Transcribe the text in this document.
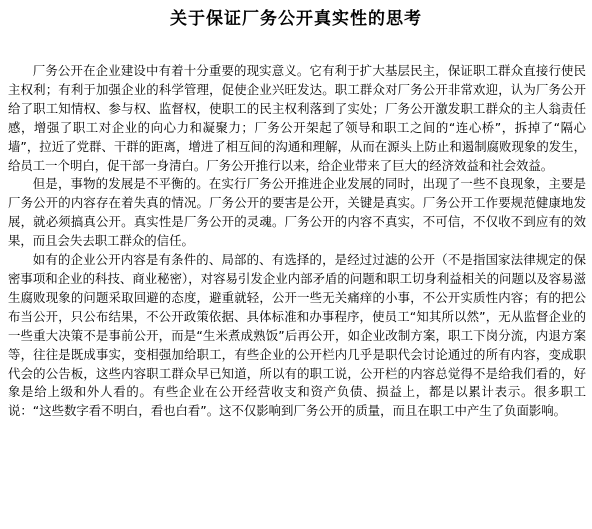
关于保证厂务公开真实性的思考

厂务公开在企业建设中有着十分重要的现实意义。它有利于扩大基层民主，保证职工群众直接行使民主权利；有利于加强企业的科学管理，促使企业兴旺发达。职工群众对厂务公开非常欢迎，认为厂务公开给了职工知情权、参与权、监督权，使职工的民主权利落到了实处；厂务公开激发职工群众的主人翁责任感，增强了职工对企业的向心力和凝聚力；厂务公开架起了领导和职工之间的“连心桥”，拆掉了“隔心墙”，拉近了党群、干群的距离，增进了相互间的沟通和理解，从而在源头上防止和遏制腐败现象的发生，给员工一个明白，促干部一身清白。厂务公开推行以来，给企业带来了巨大的经济效益和社会效益。

但是，事物的发展是不平衡的。在实行厂务公开推进企业发展的同时，出现了一些不良现象，主要是厂务公开的内容存在着失真的情况。厂务公开的要害是公开，关键是真实。厂务公开工作要规范健康地发展，就必须搞真公开。真实性是厂务公开的灵魂。厂务公开的内容不真实，不可信，不仅收不到应有的效果，而且会失去职工群众的信任。

如有的企业公开内容是有条件的、局部的、有选择的，是经过过滤的公开（不是指国家法律规定的保密事项和企业的科技、商业秘密），对容易引发企业内部矛盾的问题和职工切身利益相关的问题以及容易滋生腐败现象的问题采取回避的态度，避重就轻，公开一些无关痛痒的小事，不公开实质性内容；有的把公布当公开，只公布结果，不公开政策依据、具体标准和办事程序，使员工“知其所以然”，无从监督企业的一些重大决策不是事前公开，而是“生米煮成熟饭”后再公开，如企业改制方案，职工下岗分流，内退方案等，往往是既成事实，变相强加给职工，有些企业的公开栏内几乎是职代会讨论通过的所有内容，变成职代会的公告板，这些内容职工群众早已知道，所以有的职工说，公开栏的内容总觉得不是给我们看的，好象是给上级和外人看的。有些企业在公开经营收支和资产负债、损益上，都是以累计表示。很多职工说：“这些数字看不明白，看也白看”。这不仅影响到厂务公开的质量，而且在职工中产生了负面影响。
